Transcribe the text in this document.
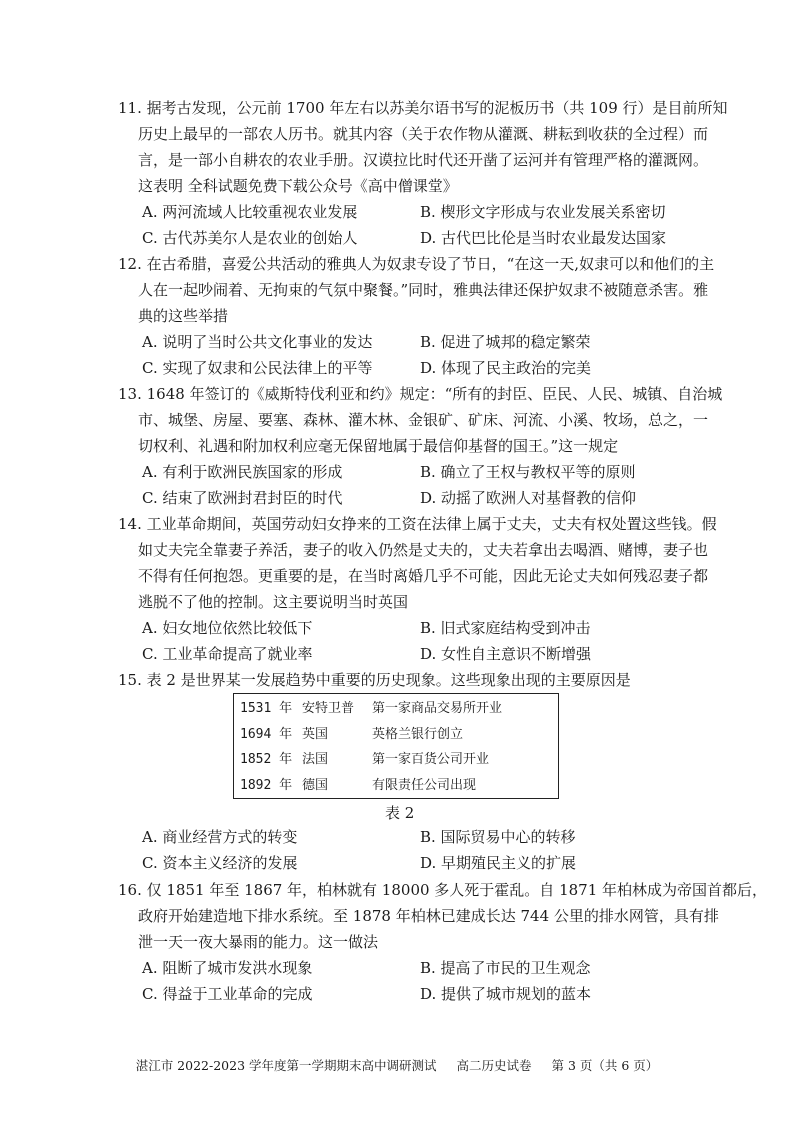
11. 据考古发现，公元前 1700 年左右以苏美尔语书写的泥板历书（共 109 行）是目前所知
历史上最早的一部农人历书。就其内容（关于农作物从灌溉、耕耘到收获的全过程）而
言，是一部小自耕农的农业手册。汉谟拉比时代还开凿了运河并有管理严格的灌溉网。
这表明 全科试题免费下载公众号《高中僧课堂》
A. 两河流域人比较重视农业发展	B. 楔形文字形成与农业发展关系密切
C. 古代苏美尔人是农业的创始人	D. 古代巴比伦是当时农业最发达国家
12. 在古希腊，喜爱公共活动的雅典人为奴隶专设了节日，“在这一天,奴隶可以和他们的主
人在一起吵闹着、无拘束的气氛中聚餐。”同时，雅典法律还保护奴隶不被随意杀害。雅
典的这些举措
A. 说明了当时公共文化事业的发达	B. 促进了城邦的稳定繁荣
C. 实现了奴隶和公民法律上的平等	D. 体现了民主政治的完美
13. 1648 年签订的《威斯特伐利亚和约》规定：“所有的封臣、臣民、人民、城镇、自治城
市、城堡、房屋、要塞、森林、灌木林、金银矿、矿床、河流、小溪、牧场，总之，一
切权利、礼遇和附加权利应毫无保留地属于最信仰基督的国王。”这一规定
A. 有利于欧洲民族国家的形成	B. 确立了王权与教权平等的原则
C. 结束了欧洲封君封臣的时代	D. 动摇了欧洲人对基督教的信仰
14. 工业革命期间，英国劳动妇女挣来的工资在法律上属于丈夫，丈夫有权处置这些钱。假
如丈夫完全靠妻子养活，妻子的收入仍然是丈夫的，丈夫若拿出去喝酒、赌博，妻子也
不得有任何抱怨。更重要的是，在当时离婚几乎不可能，因此无论丈夫如何残忍妻子都
逃脱不了他的控制。这主要说明当时英国
A. 妇女地位依然比较低下	B. 旧式家庭结构受到冲击
C. 工业革命提高了就业率	D. 女性自主意识不断增强
15. 表 2 是世界某一发展趋势中重要的历史现象。这些现象出现的主要原因是
1531 年 安特卫普 第一家商品交易所开业
1694 年 英国	英格兰银行创立
1852 年 法国	第一家百货公司开业
1892 年 德国	有限责任公司出现
表 2
A. 商业经营方式的转变	B. 国际贸易中心的转移
C. 资本主义经济的发展	D. 早期殖民主义的扩展
16. 仅 1851 年至 1867 年，柏林就有 18000 多人死于霍乱。自 1871 年柏林成为帝国首都后，
政府开始建造地下排水系统。至 1878 年柏林已建成长达 744 公里的排水网管，具有排
泄一天一夜大暴雨的能力。这一做法
A. 阻断了城市发洪水现象	B. 提高了市民的卫生观念
C. 得益于工业革命的完成	D. 提供了城市规划的蓝本
湛江市 2022-2023 学年度第一学期期末高中调研测试 高二历史试卷 第 3 页（共 6 页）
